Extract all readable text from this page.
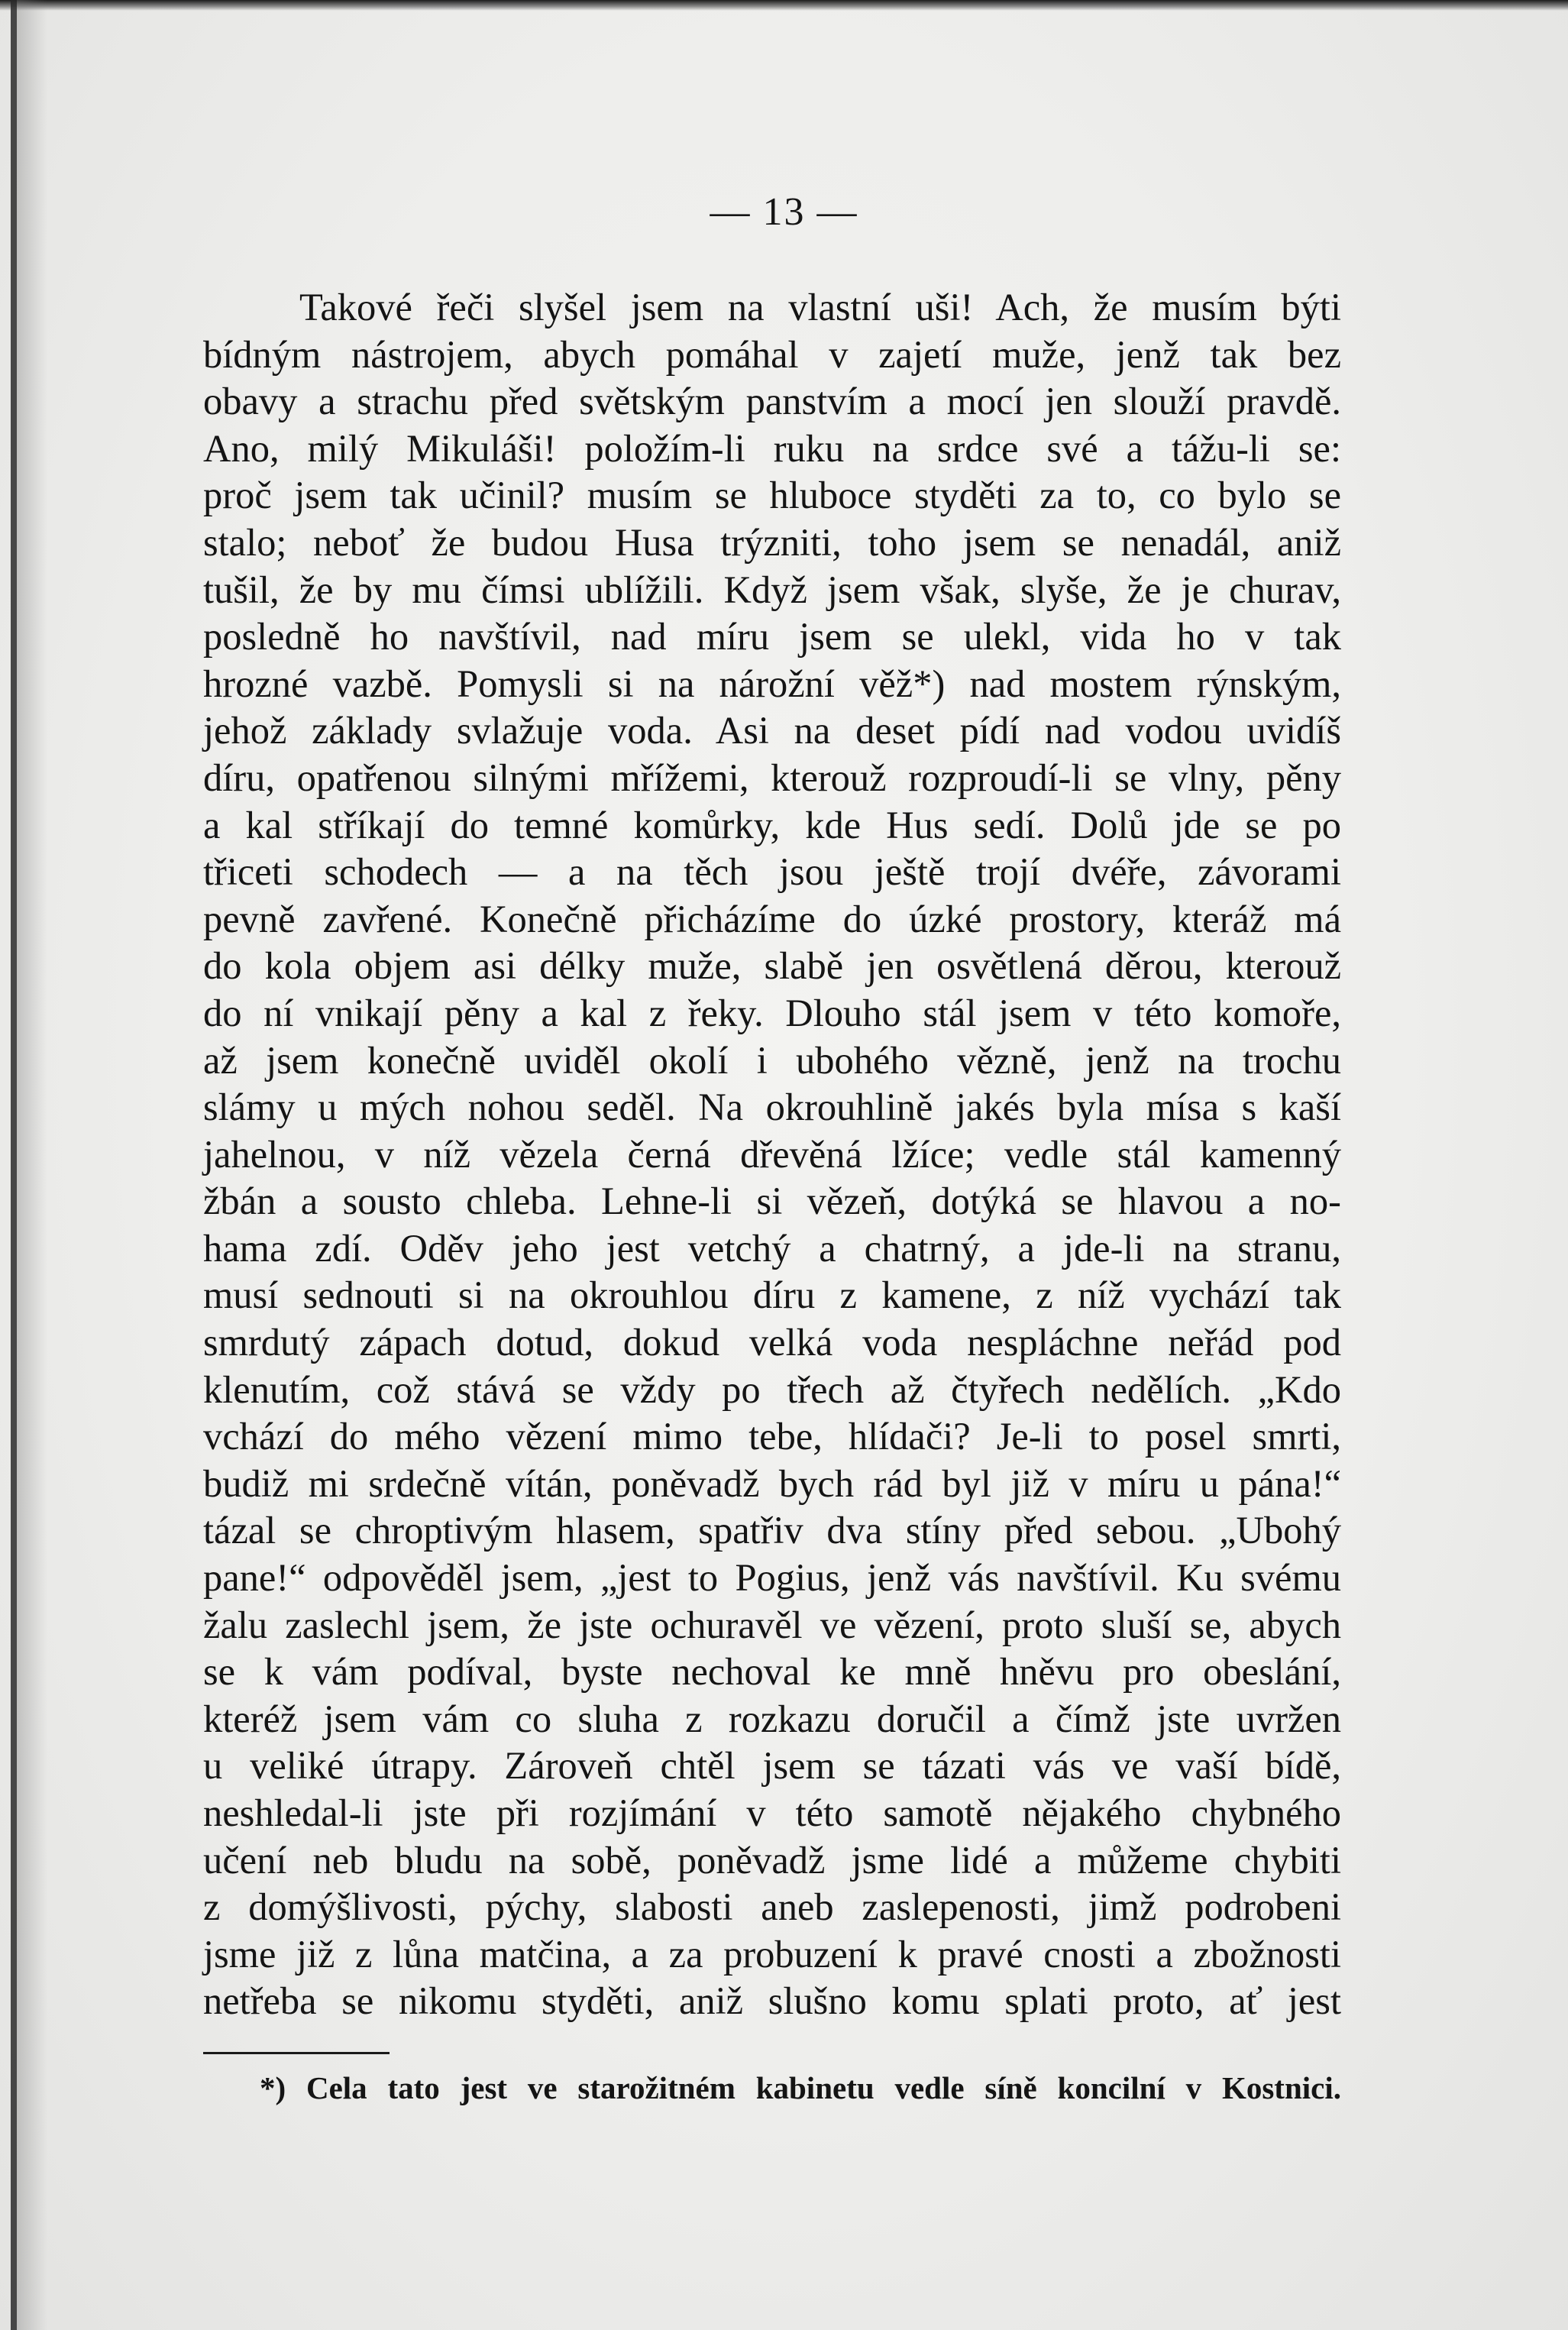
— 13 —
Takové řeči slyšel jsem na vlastní uši! Ach, že musím býti
bídným nástrojem, abych pomáhal v zajetí muže, jenž tak bez
obavy a strachu před světským panstvím a mocí jen slouží pravdě.
Ano, milý Mikuláši! položím-li ruku na srdce své a tážu-li se:
proč jsem tak učinil? musím se hluboce styděti za to, co bylo se
stalo; neboť že budou Husa trýzniti, toho jsem se nenadál, aniž
tušil, že by mu čímsi ublížili. Když jsem však, slyše, že je churav,
posledně ho navštívil, nad míru jsem se ulekl, vida ho v tak
hrozné vazbě. Pomysli si na nárožní věž*) nad mostem rýnským,
jehož základy svlažuje voda. Asi na deset pídí nad vodou uvidíš
díru, opatřenou silnými mřížemi, kterouž rozproudí-li se vlny, pěny
a kal stříkají do temné komůrky, kde Hus sedí. Dolů jde se po
třiceti schodech — a na těch jsou ještě trojí dvéře, závorami
pevně zavřené. Konečně přicházíme do úzké prostory, kteráž má
do kola objem asi délky muže, slabě jen osvětlená děrou, kterouž
do ní vnikají pěny a kal z řeky. Dlouho stál jsem v této komoře,
až jsem konečně uviděl okolí i ubohého vězně, jenž na trochu
slámy u mých nohou seděl. Na okrouhlině jakés byla mísa s kaší
jahelnou, v níž vězela černá dřevěná lžíce; vedle stál kamenný
žbán a sousto chleba. Lehne-li si vězeň, dotýká se hlavou a no-
hama zdí. Oděv jeho jest vetchý a chatrný, a jde-li na stranu,
musí sednouti si na okrouhlou díru z kamene, z níž vychází tak
smrdutý zápach dotud, dokud velká voda nespláchne neřád pod
klenutím, což stává se vždy po třech až čtyřech nedělích. „Kdo
vchází do mého vězení mimo tebe, hlídači? Je-li to posel smrti,
budiž mi srdečně vítán, poněvadž bych rád byl již v míru u pána!“
tázal se chroptivým hlasem, spatřiv dva stíny před sebou. „Ubohý
pane!“ odpověděl jsem, „jest to Pogius, jenž vás navštívil. Ku svému
žalu zaslechl jsem, že jste ochuravěl ve vězení, proto sluší se, abych
se k vám podíval, byste nechoval ke mně hněvu pro obeslání,
kteréž jsem vám co sluha z rozkazu doručil a čímž jste uvržen
u veliké útrapy. Zároveň chtěl jsem se tázati vás ve vaší bídě,
neshledal-li jste při rozjímání v této samotě nějakého chybného
učení neb bludu na sobě, poněvadž jsme lidé a můžeme chybiti
z domýšlivosti, pýchy, slabosti aneb zaslepenosti, jimž podrobeni
jsme již z lůna matčina, a za probuzení k pravé cnosti a zbožnosti
netřeba se nikomu styděti, aniž slušno komu splati proto, ať jest
*) Cela tato jest ve starožitném kabinetu vedle síně koncilní v Kostnici.
